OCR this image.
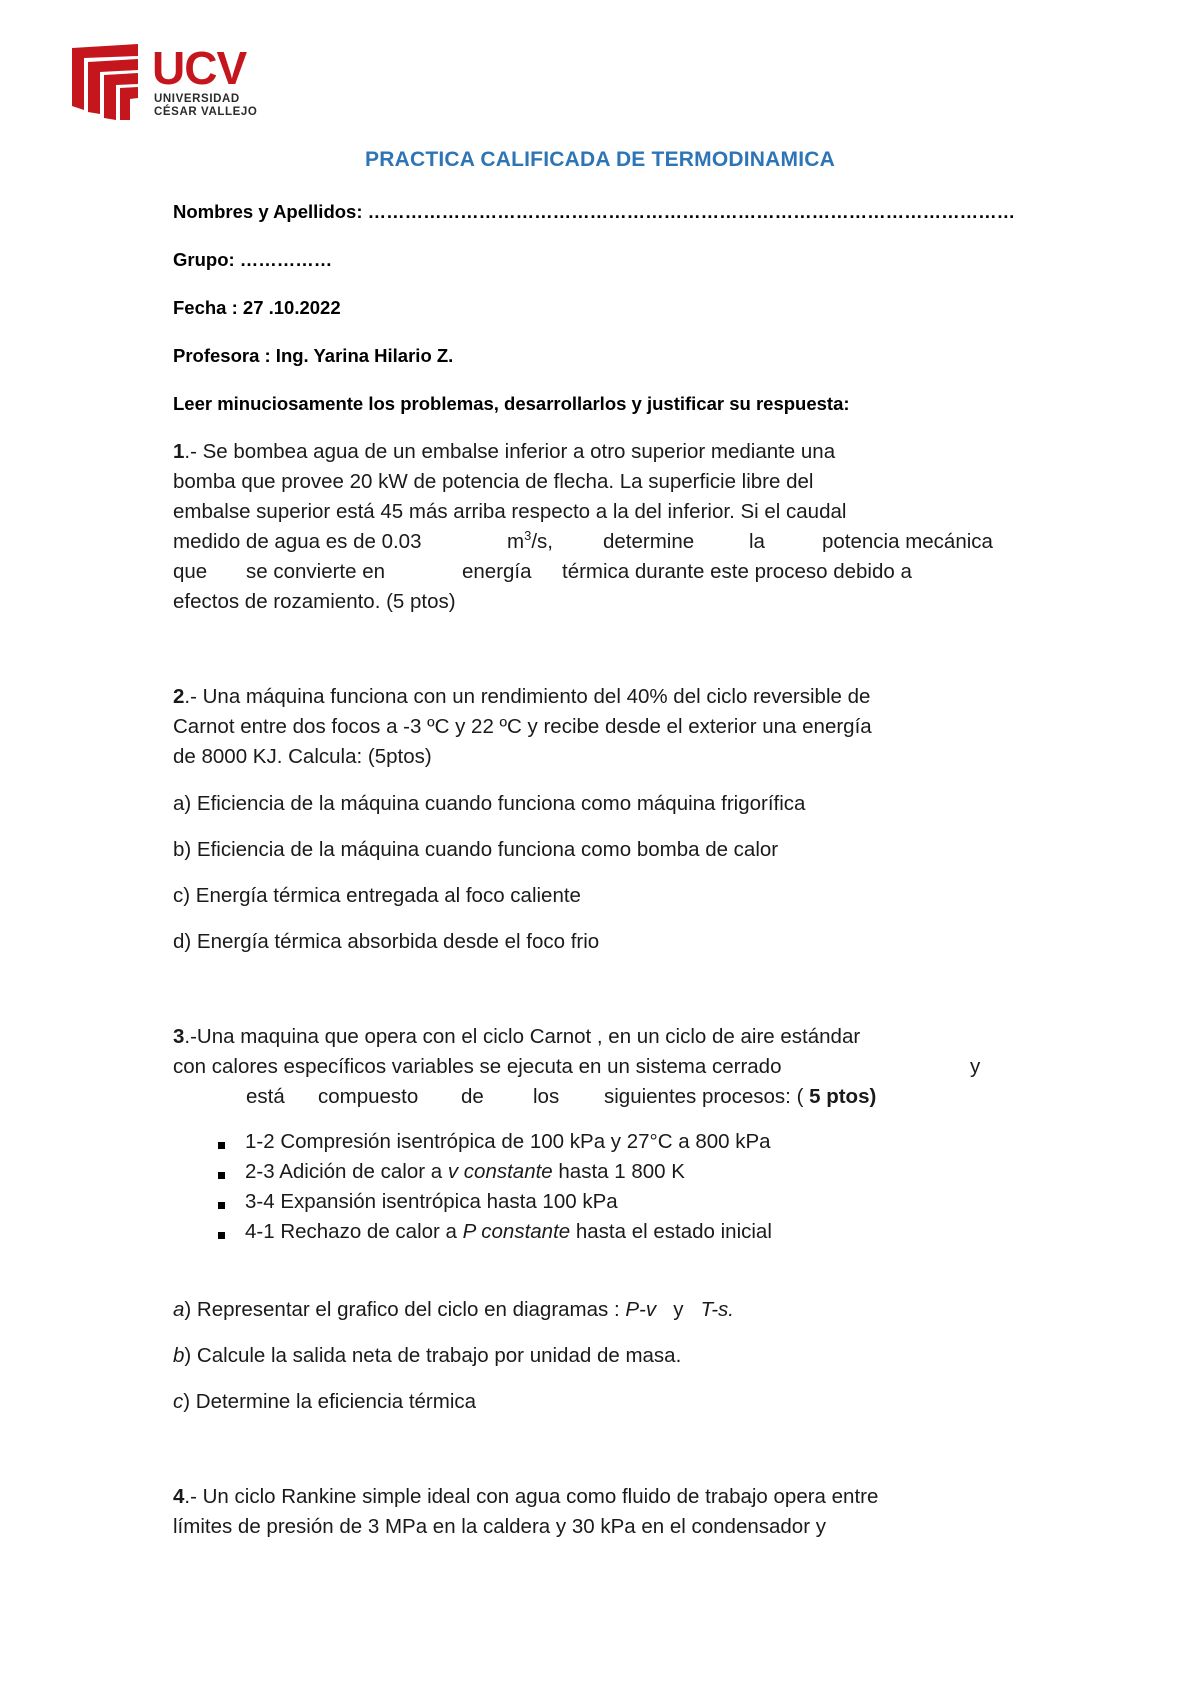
UCV
UNIVERSIDAD
CÉSAR VALLEJO
PRACTICA CALIFICADA DE TERMODINAMICA
Nombres y Apellidos: ……………………………………………………………………………………………
Grupo: ……………
Fecha : 27 .10.2022
Profesora : Ing. Yarina Hilario Z.
Leer minuciosamente los problemas, desarrollarlos y justificar su respuesta:
1.- Se bombea agua de un embalse inferior a otro superior mediante una
bomba que provee 20 kW de potencia de flecha. La superficie libre del
embalse superior está 45 más arriba respecto a la del inferior. Si el caudal
medido de agua es de 0.03	$m^3/s$, determine	la	potencia mecánica
que se convierte en	energía térmica durante este proceso debido a
efectos de rozamiento. (5 ptos)
2.- Una máquina funciona con un rendimiento del 40% del ciclo reversible de
Carnot entre dos focos a -3 ºC y 22 ºC y recibe desde el exterior una energía
de 8000 KJ. Calcula: (5ptos)
a) Eficiencia de la máquina cuando funciona como máquina frigorífica
b) Eficiencia de la máquina cuando funciona como bomba de calor
c) Energía térmica entregada al foco caliente
d) Energía térmica absorbida desde el foco frio
3.-Una maquina que opera con el ciclo Carnot , en un ciclo de aire estándar
con calores específicos variables se ejecuta en un sistema cerrado	y
está compuesto de los siguientes procesos: ( 5 ptos)
1-2 Compresión isentrópica de 100 kPa y 27°C a 800 kPa
2-3 Adición de calor a v constante hasta 1 800 K
3-4 Expansión isentrópica hasta 100 kPa
4-1 Rechazo de calor a P constante hasta el estado inicial
a) Representar el grafico del ciclo en diagramas : P-v   y   T-s.
b) Calcule la salida neta de trabajo por unidad de masa.
c) Determine la eficiencia térmica
4.- Un ciclo Rankine simple ideal con agua como fluido de trabajo opera entre
límites de presión de 3 MPa en la caldera y 30 kPa en el condensador y
